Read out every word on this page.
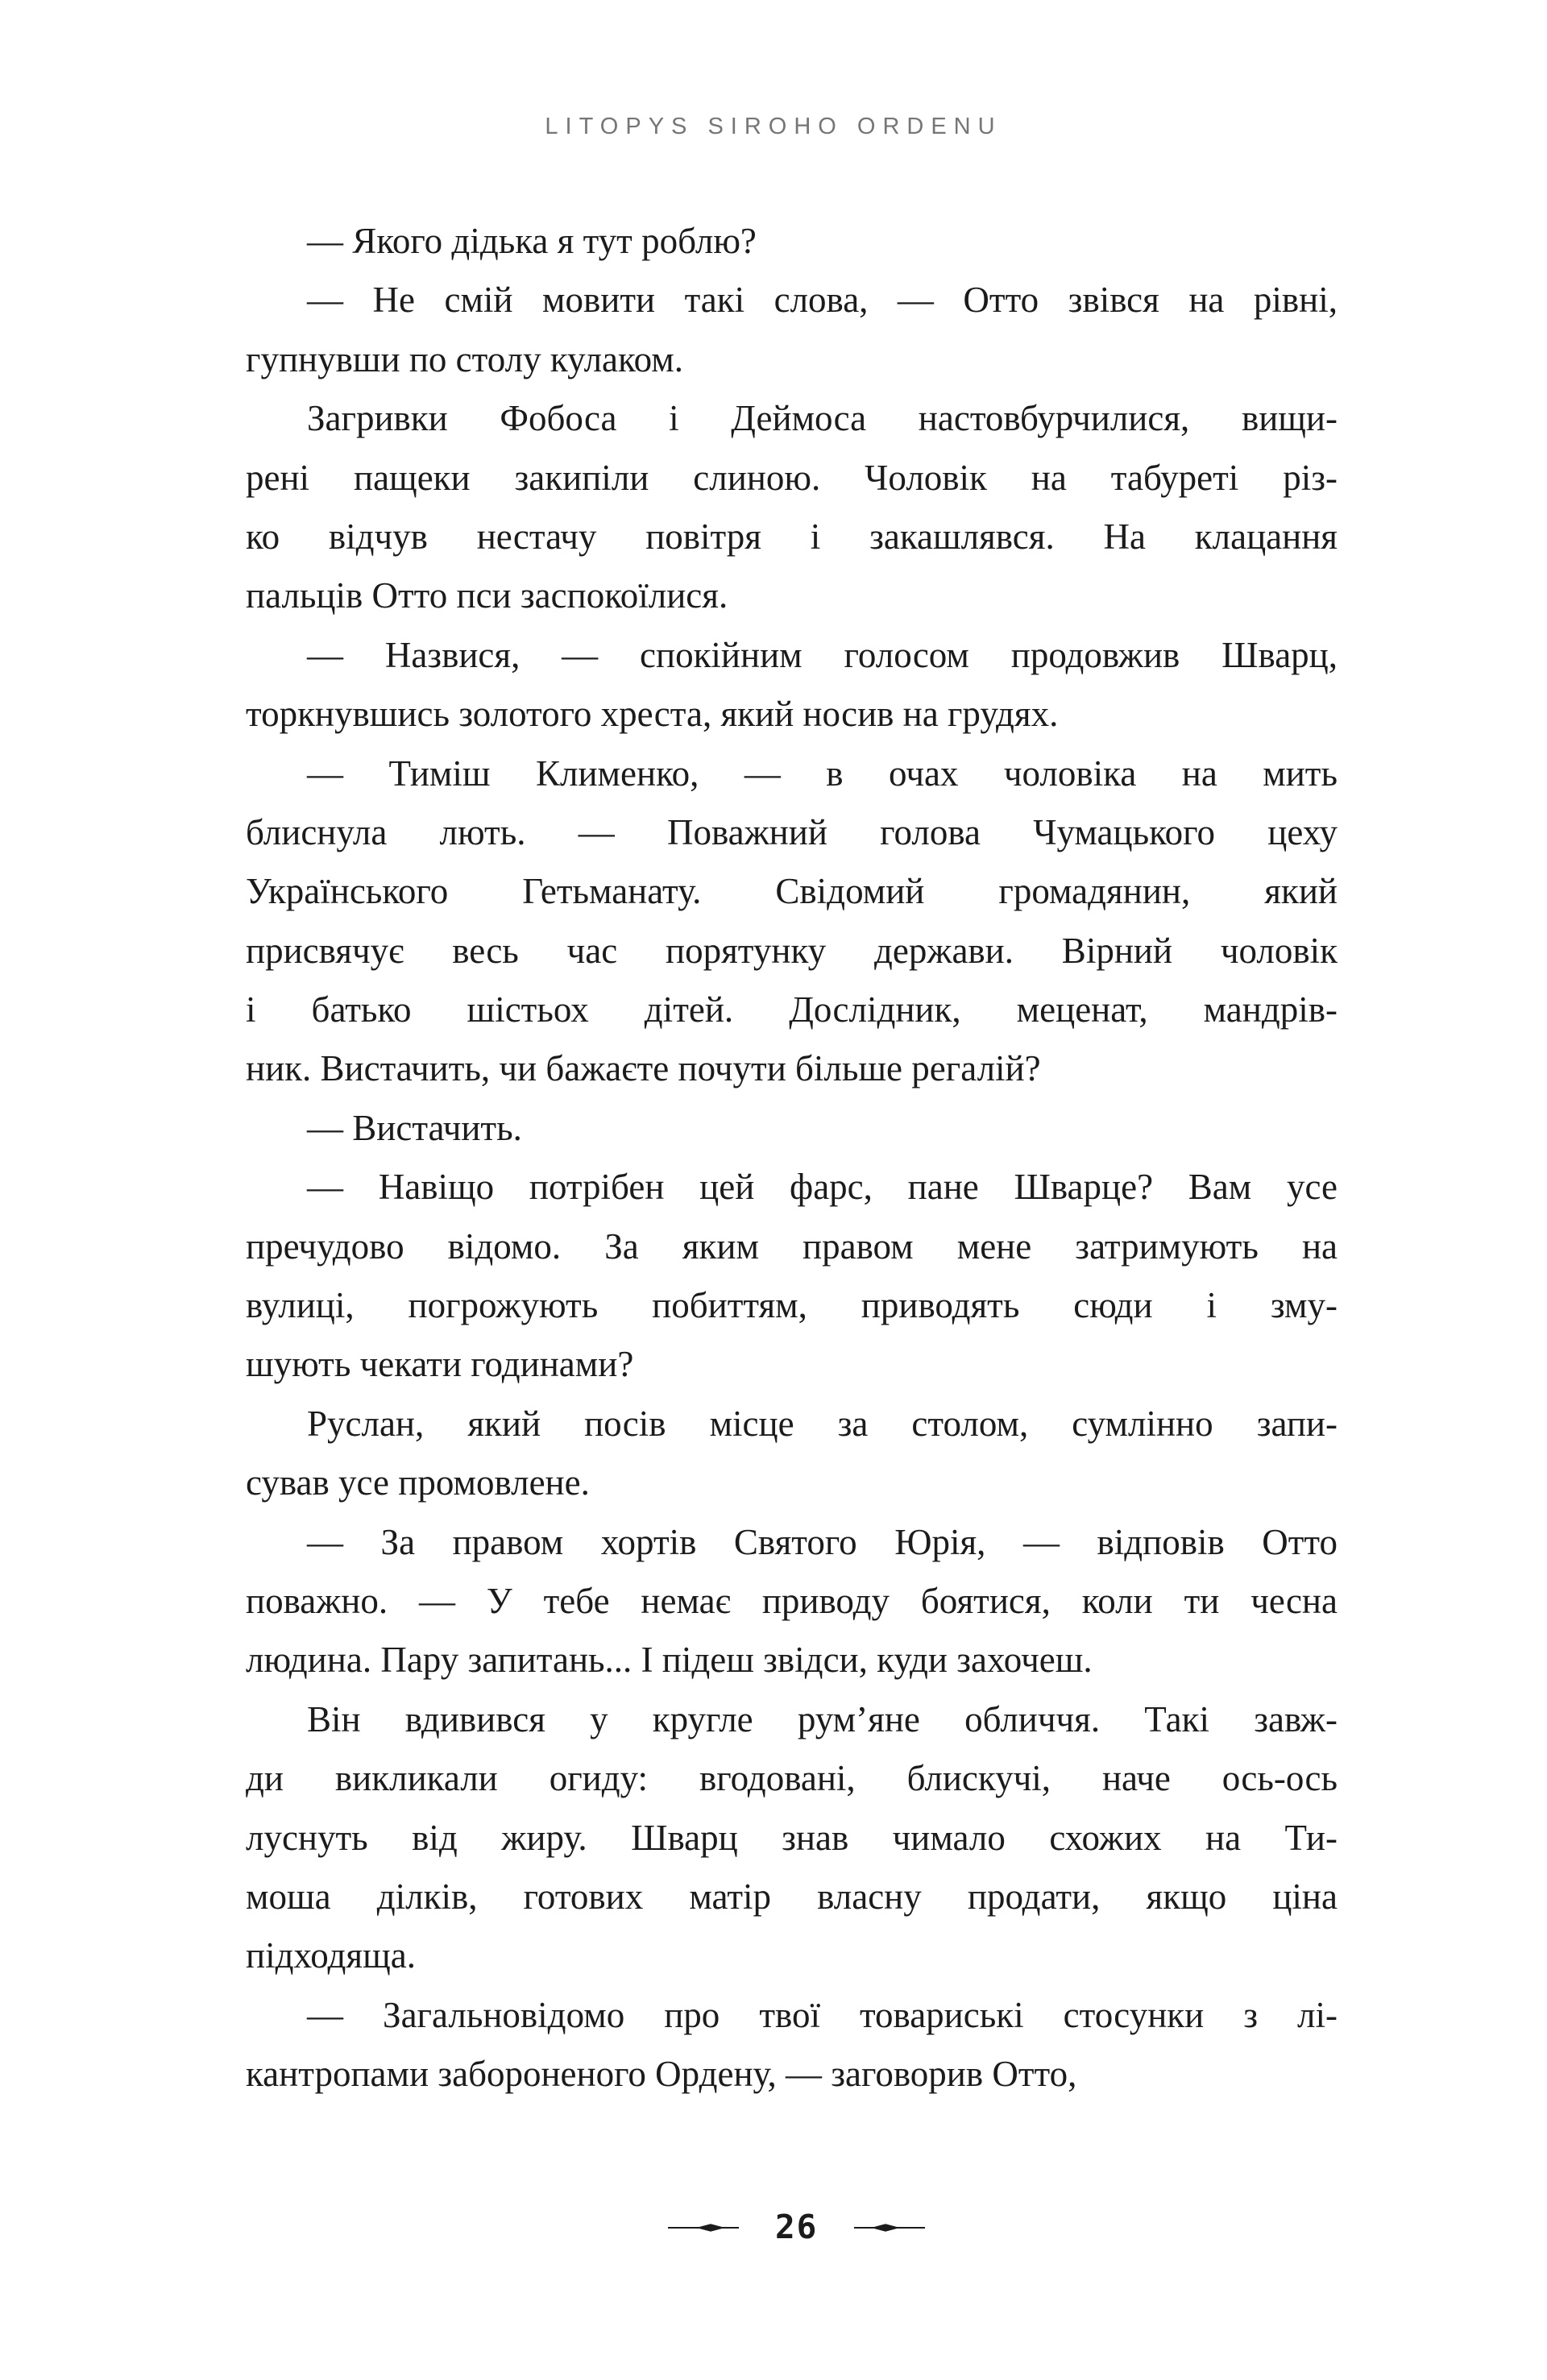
LITOPYS SIROHO ORDENU
— Якого дідька я тут роблю?
— Не смій мовити такі слова, — Отто звівся на рівні,
гупнувши по столу кулаком.
Загривки Фобоса і Деймоса настовбурчилися, вищи-
рені пащеки закипіли слиною. Чоловік на табуреті різ-
ко відчув нестачу повітря і закашлявся. На клацання
пальців Отто пси заспокоїлися.
— Назвися, — спокійним голосом продовжив Шварц,
торкнувшись золотого хреста, який носив на грудях.
— Тиміш Клименко, — в очах чоловіка на мить
блиснула лють. — Поважний голова Чумацького цеху
Українського Гетьманату. Свідомий громадянин, який
присвячує весь час порятунку держави. Вірний чоловік
і батько шістьох дітей. Дослідник, меценат, мандрів-
ник. Вистачить, чи бажаєте почути більше регалій?
— Вистачить.
— Навіщо потрібен цей фарс, пане Шварце? Вам усе
пречудово відомо. За яким правом мене затримують на
вулиці, погрожують побиттям, приводять сюди і зму-
шують чекати годинами?
Руслан, який посів місце за столом, сумлінно запи-
сував усе промовлене.
— За правом хортів Святого Юрія, — відповів Отто
поважно. — У тебе немає приводу боятися, коли ти чесна
людина. Пару запитань... І підеш звідси, куди захочеш.
Він вдивився у кругле рум’яне обличчя. Такі завж-
ди викликали огиду: вгодовані, блискучі, наче ось-ось
луснуть від жиру. Шварц знав чимало схожих на Ти-
моша ділків, готових матір власну продати, якщо ціна
підходяща.
— Загальновідомо про твої товариські стосунки з лі-
кантропами забороненого Ордену, — заговорив Отто,
26
